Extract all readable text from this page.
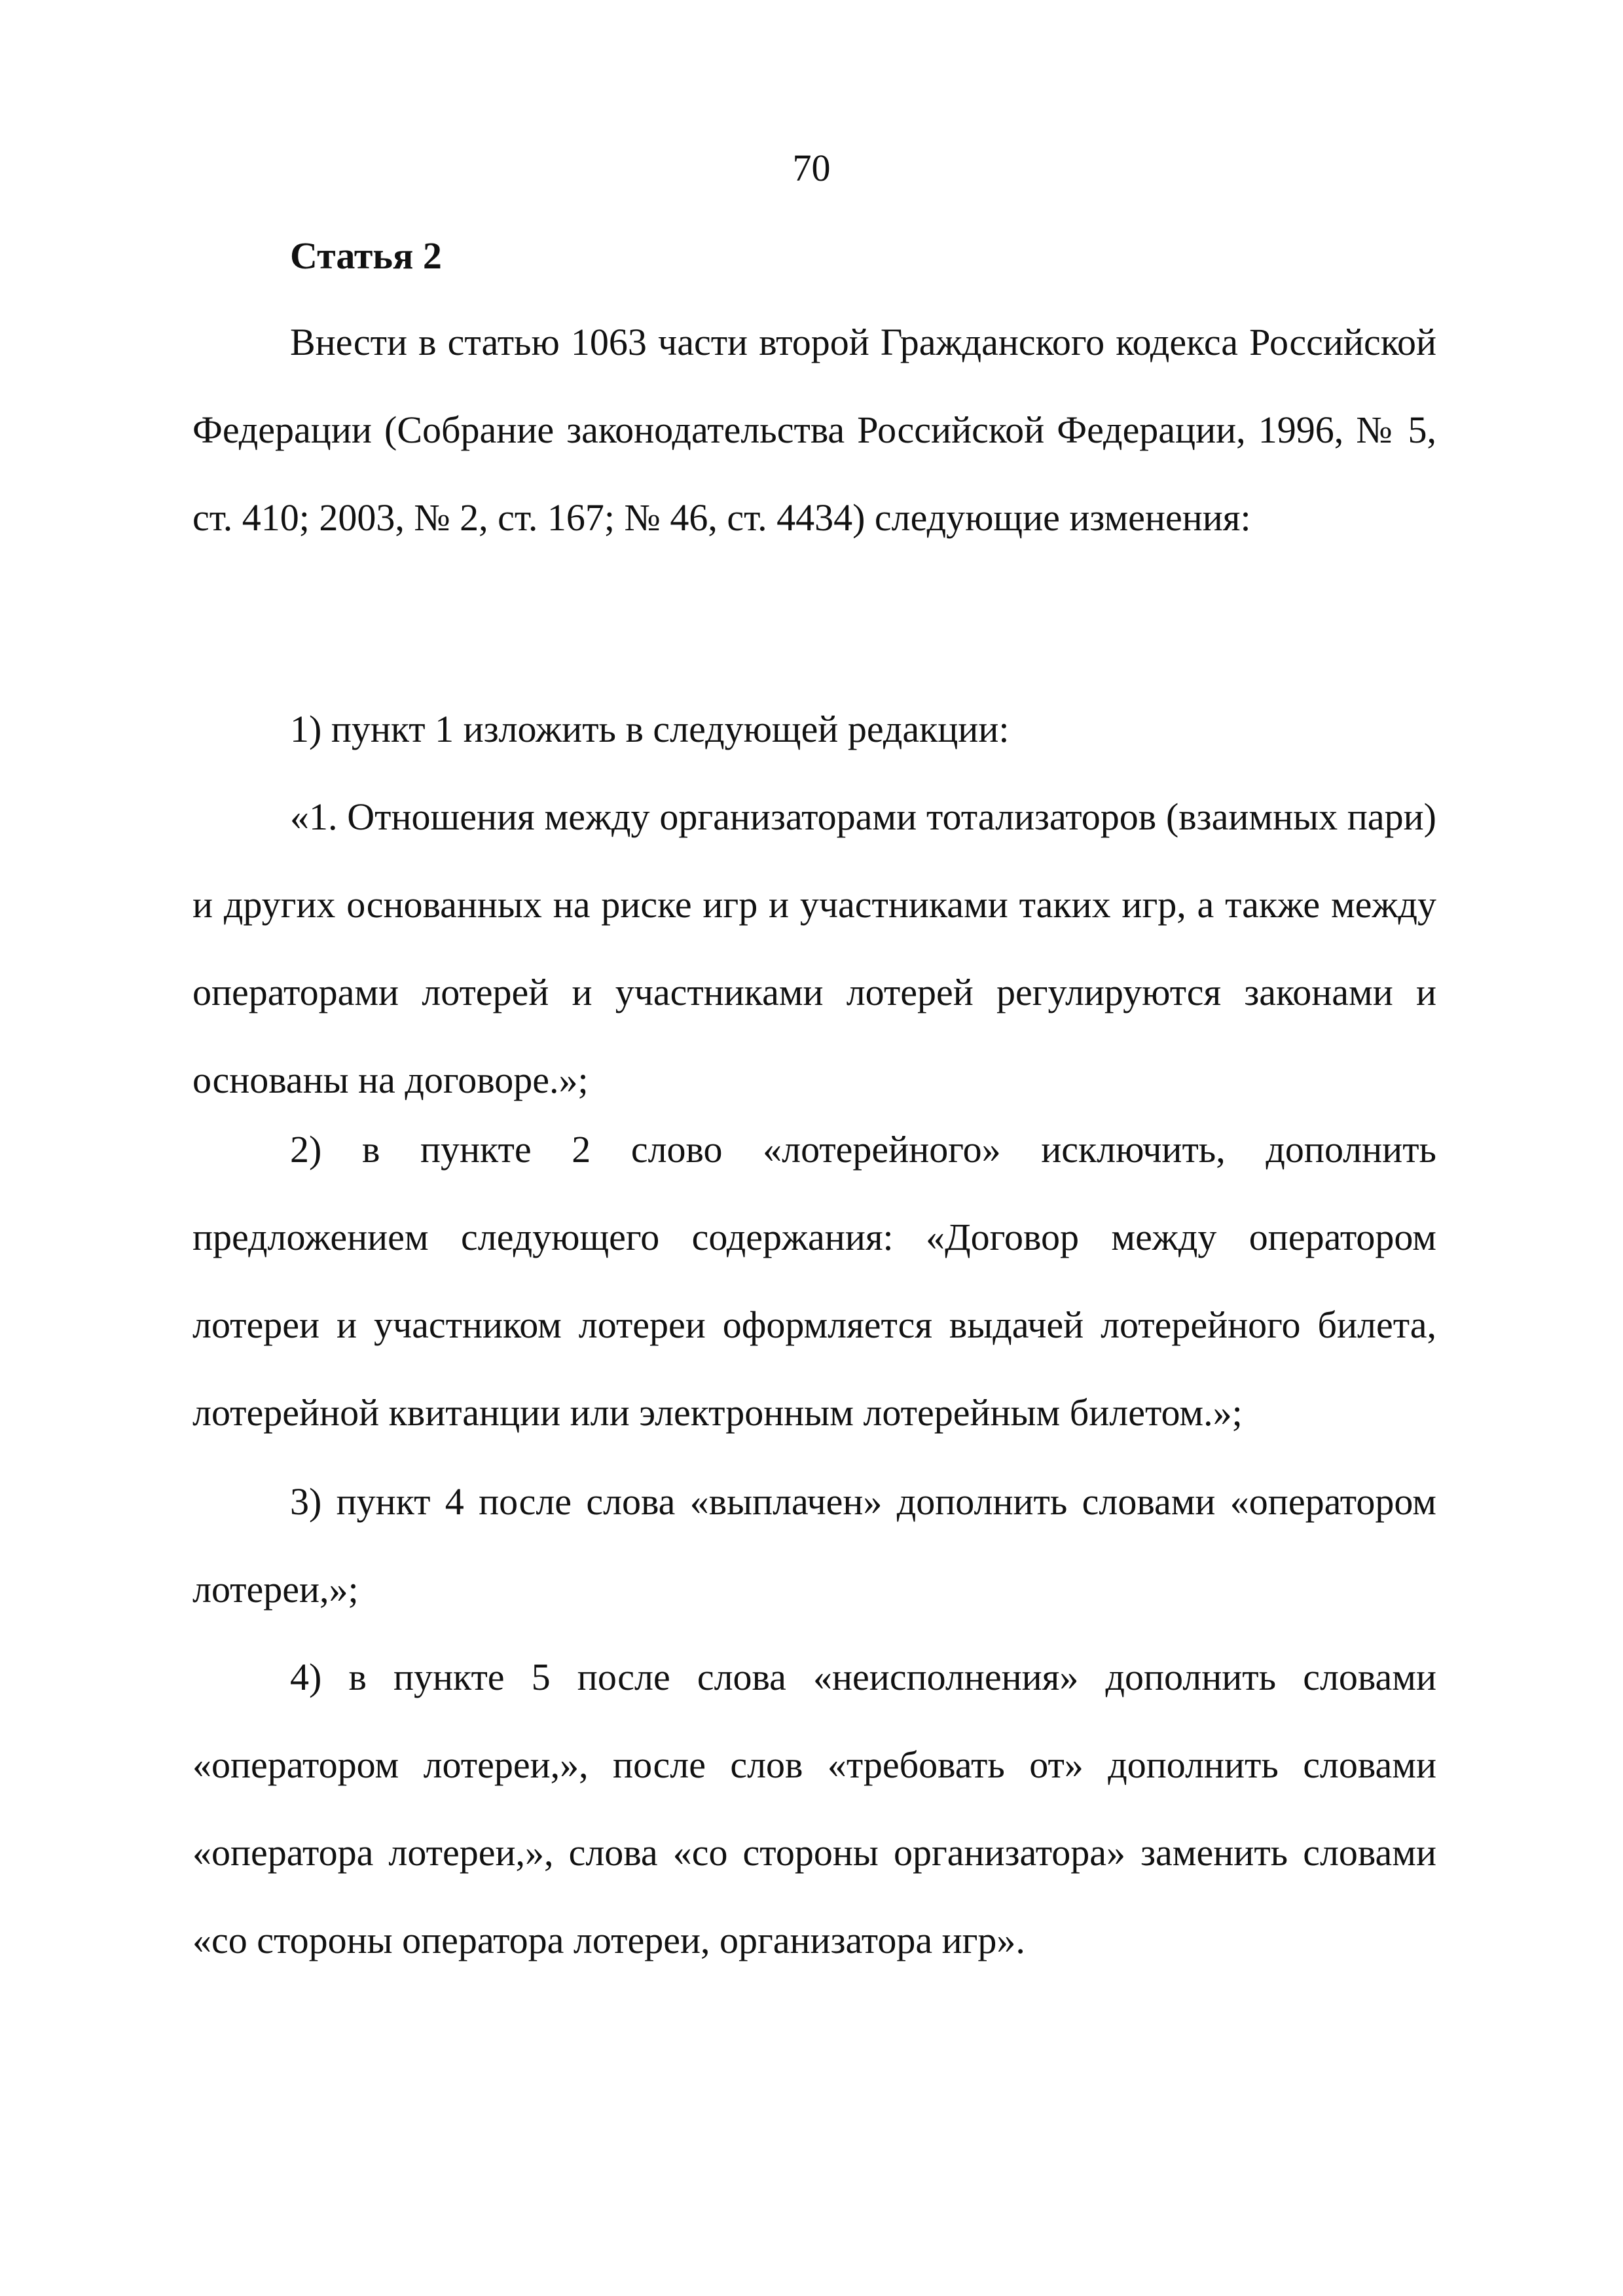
70
Статья 2

Внести в статью 1063 части второй Гражданского кодекса Российской Федерации (Собрание законодательства Российской Федерации, 1996, № 5, ст. 410; 2003, № 2, ст. 167; № 46, ст. 4434) следующие изменения:

1) пункт 1 изложить в следующей редакции:

«1. Отношения между организаторами тотализаторов (взаимных пари) и других основанных на риске игр и участниками таких игр, а также между операторами лотерей и участниками лотерей регулируются законами и основаны на договоре.»;

2) в пункте 2 слово «лотерейного» исключить, дополнить предложением следующего содержания: «Договор между оператором лотереи и участником лотереи оформляется выдачей лотерейного билета, лотерейной квитанции или электронным лотерейным билетом.»;

3) пункт 4 после слова «выплачен» дополнить словами «оператором лотереи,»;

4) в пункте 5 после слова «неисполнения» дополнить словами «оператором лотереи,», после слов «требовать от» дополнить словами «оператора лотереи,», слова «со стороны организатора» заменить словами «со стороны оператора лотереи, организатора игр».
